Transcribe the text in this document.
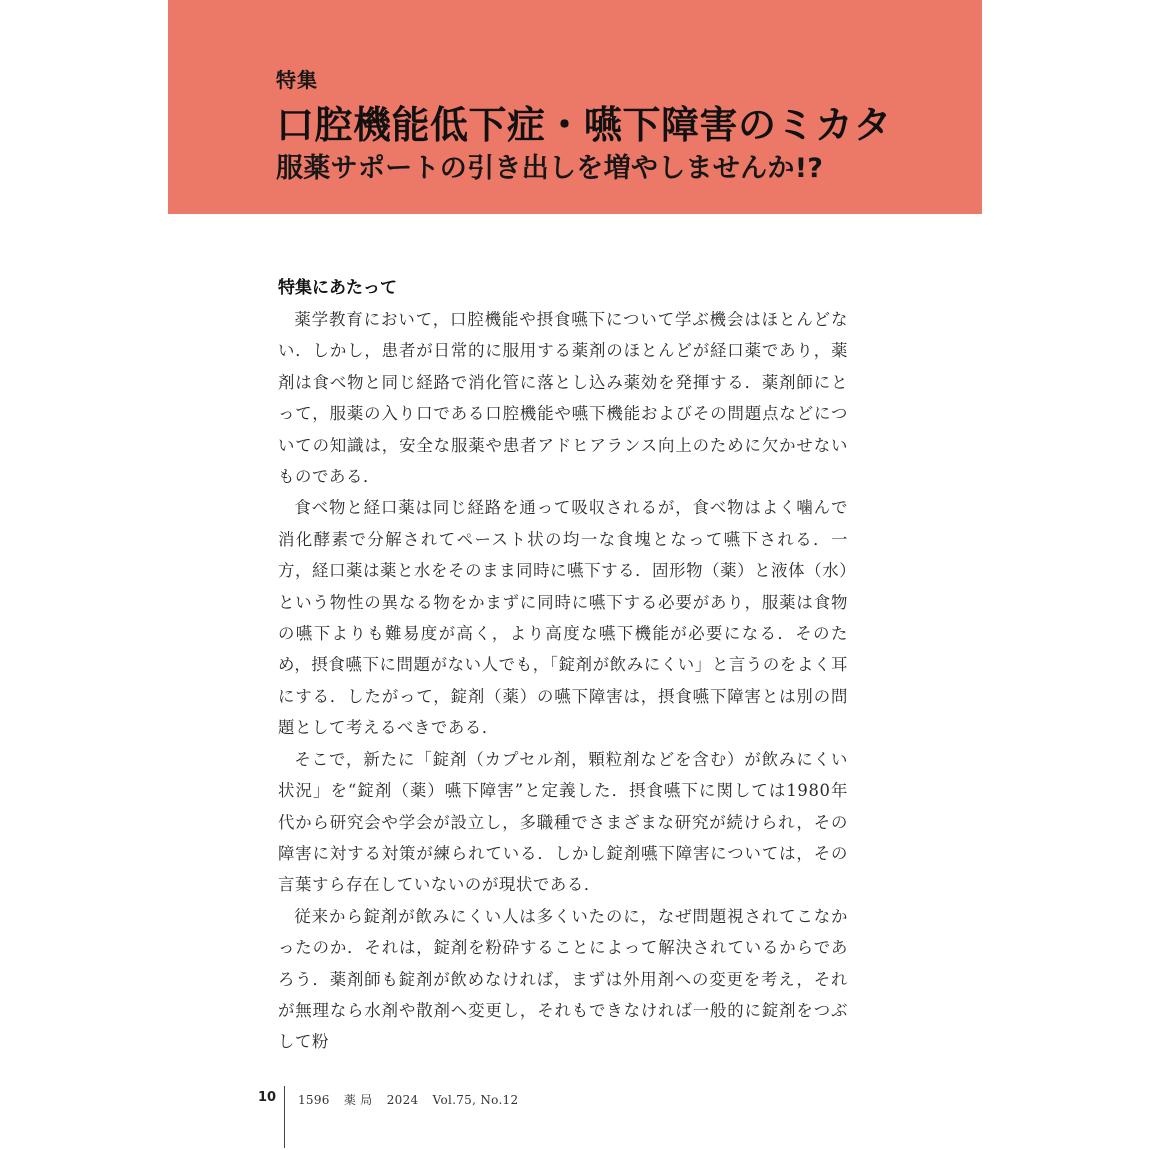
特集
口腔機能低下症・嚥下障害のミカタ
服薬サポートの引き出しを増やしませんか!?
特集にあたって

薬学教育において，口腔機能や摂食嚥下について学ぶ機会はほとんどない．しかし，患者が日常的に服用する薬剤のほとんどが経口薬であり，薬剤は食べ物と同じ経路で消化管に落とし込み薬効を発揮する．薬剤師にとって，服薬の入り口である口腔機能や嚥下機能およびその問題点などについての知識は，安全な服薬や患者アドヒアランス向上のために欠かせないものである．

食べ物と経口薬は同じ経路を通って吸収されるが，食べ物はよく噛んで消化酵素で分解されてペースト状の均一な食塊となって嚥下される．一方，経口薬は薬と水をそのまま同時に嚥下する．固形物（薬）と液体（水）という物性の異なる物をかまずに同時に嚥下する必要があり，服薬は食物の嚥下よりも難易度が高く，より高度な嚥下機能が必要になる．そのため，摂食嚥下に問題がない人でも，「錠剤が飲みにくい」と言うのをよく耳にする．したがって，錠剤（薬）の嚥下障害は，摂食嚥下障害とは別の問題として考えるべきである．

そこで，新たに「錠剤（カプセル剤，顆粒剤などを含む）が飲みにくい状況」を“錠剤（薬）嚥下障害”と定義した．摂食嚥下に関しては1980年代から研究会や学会が設立し，多職種でさまざまな研究が続けられ，その障害に対する対策が練られている．しかし錠剤嚥下障害については，その言葉すら存在していないのが現状である．

従来から錠剤が飲みにくい人は多くいたのに，なぜ問題視されてこなかったのか．それは，錠剤を粉砕することによって解決されているからであろう．薬剤師も錠剤が飲めなければ，まずは外用剤への変更を考え，それが無理なら水剤や散剤へ変更し，それもできなければ一般的に錠剤をつぶして粉

10 1596 薬 局 2024 Vol.75, No.12
